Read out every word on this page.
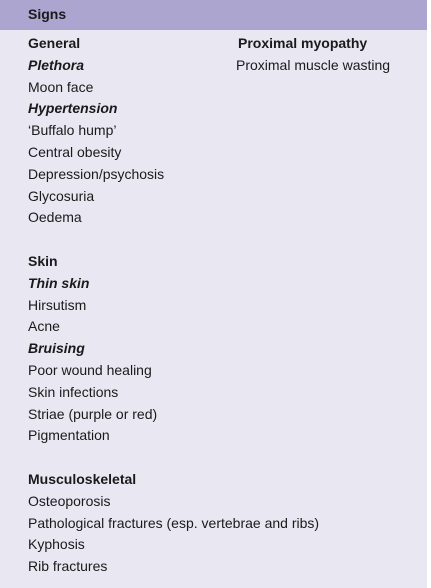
Signs
General
Plethora
Moon face
Hypertension
‘Buffalo hump’
Central obesity
Depression/psychosis
Glycosuria
Oedema
Skin
Thin skin
Hirsutism
Acne
Bruising
Poor wound healing
Skin infections
Striae (purple or red)
Pigmentation
Musculoskeletal
Osteoporosis
Pathological fractures (esp. vertebrae and ribs)
Kyphosis
Rib fractures
Proximal myopathy
Proximal muscle wasting
